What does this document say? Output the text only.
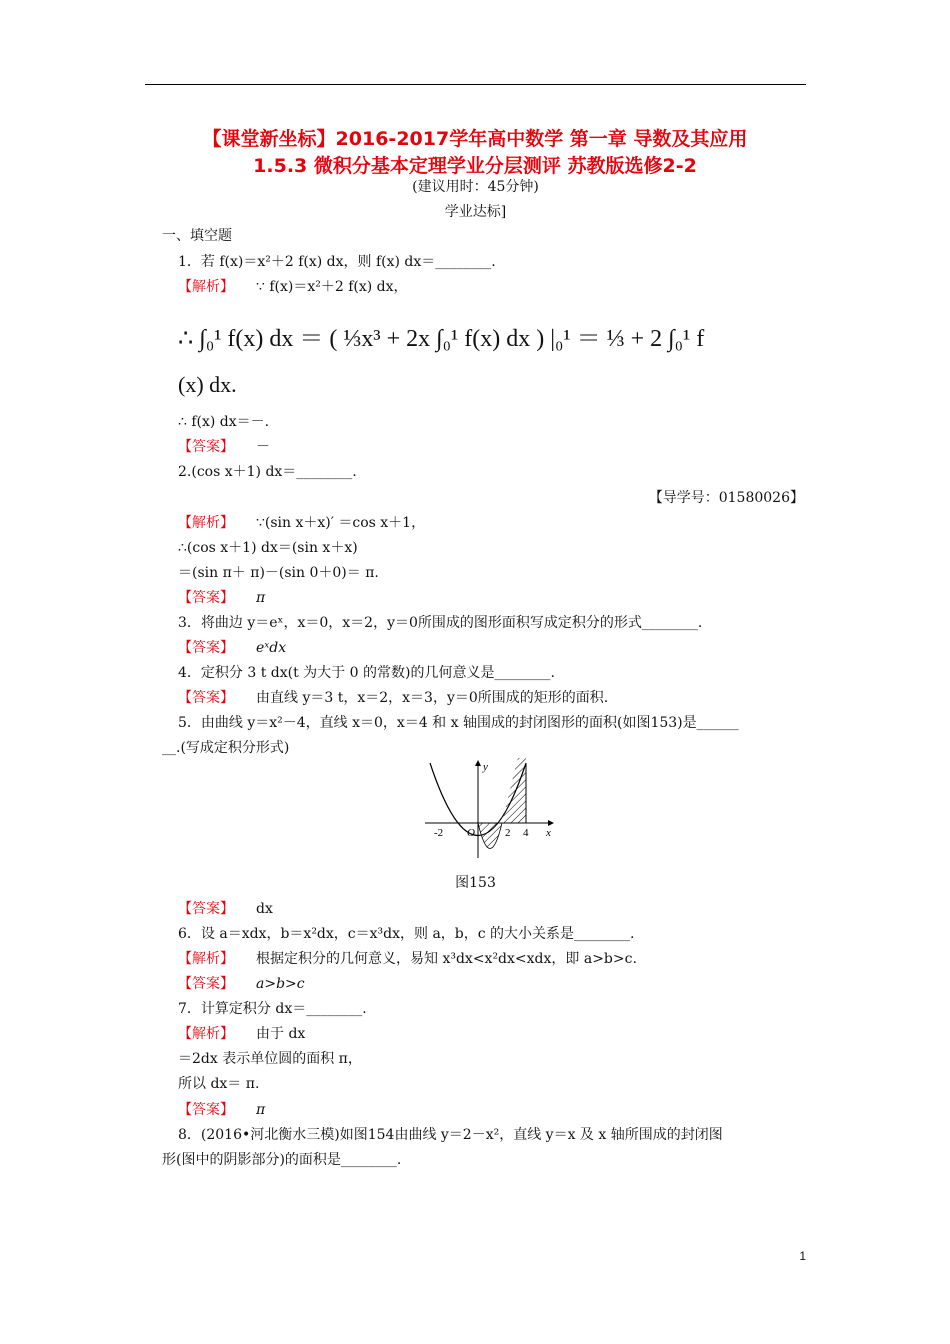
【课堂新坐标】2016-2017学年高中数学 第一章 导数及其应用
1.5.3 微积分基本定理学业分层测评 苏教版选修2-2
(建议用时：45分钟)
学业达标]
一、填空题
1．若 f(x)＝x²＋2 f(x) dx，则 f(x) dx＝________.
【解析】 ∵ f(x)＝x²＋2 f(x) dx，
∴ ∫₀¹ f(x) dx ＝ ( ⅓x³ + 2x ∫₀¹ f(x) dx ) |₀¹ ＝ ⅓ + 2 ∫₀¹ f
(x) dx.
∴ f(x) dx＝－.
【答案】 －
2.(cos x＋1) dx＝________.
【导学号：01580026】
【解析】 ∵(sin x＋x)′ ＝cos x＋1，
∴(cos x＋1) dx＝(sin x＋x)
＝(sin π＋ π)－(sin 0＋0)＝ π.
【答案】 π
3．将曲边 y＝eˣ，x＝0，x＝2，y＝0所围成的图形面积写成定积分的形式________.
【答案】 eˣdx
4．定积分 3 t dx(t 为大于 0 的常数)的几何意义是________.
【答案】 由直线 y＝3 t，x＝2，x＝3，y＝0所围成的矩形的面积.
5．由曲线 y＝x²－4，直线 x＝0，x＝4 和 x 轴围成的封闭图形的面积(如图153)是______
__.(写成定积分形式)
y
x
-2 O	2 4
图153
【答案】 dx
6．设 a＝xdx，b＝x²dx，c＝x³dx，则 a，b，c 的大小关系是________.
【解析】 根据定积分的几何意义，易知 x³dx<x²dx<xdx，即 a>b>c.
【答案】 a>b>c
7．计算定积分 dx＝________.
【解析】 由于 dx
＝2dx 表示单位圆的面积 π，
所以 dx＝ π.
【答案】 π
8．(2016•河北衡水三模)如图154由曲线 y＝2－x²，直线 y＝x 及 x 轴所围成的封闭图
形(图中的阴影部分)的面积是________.
1
